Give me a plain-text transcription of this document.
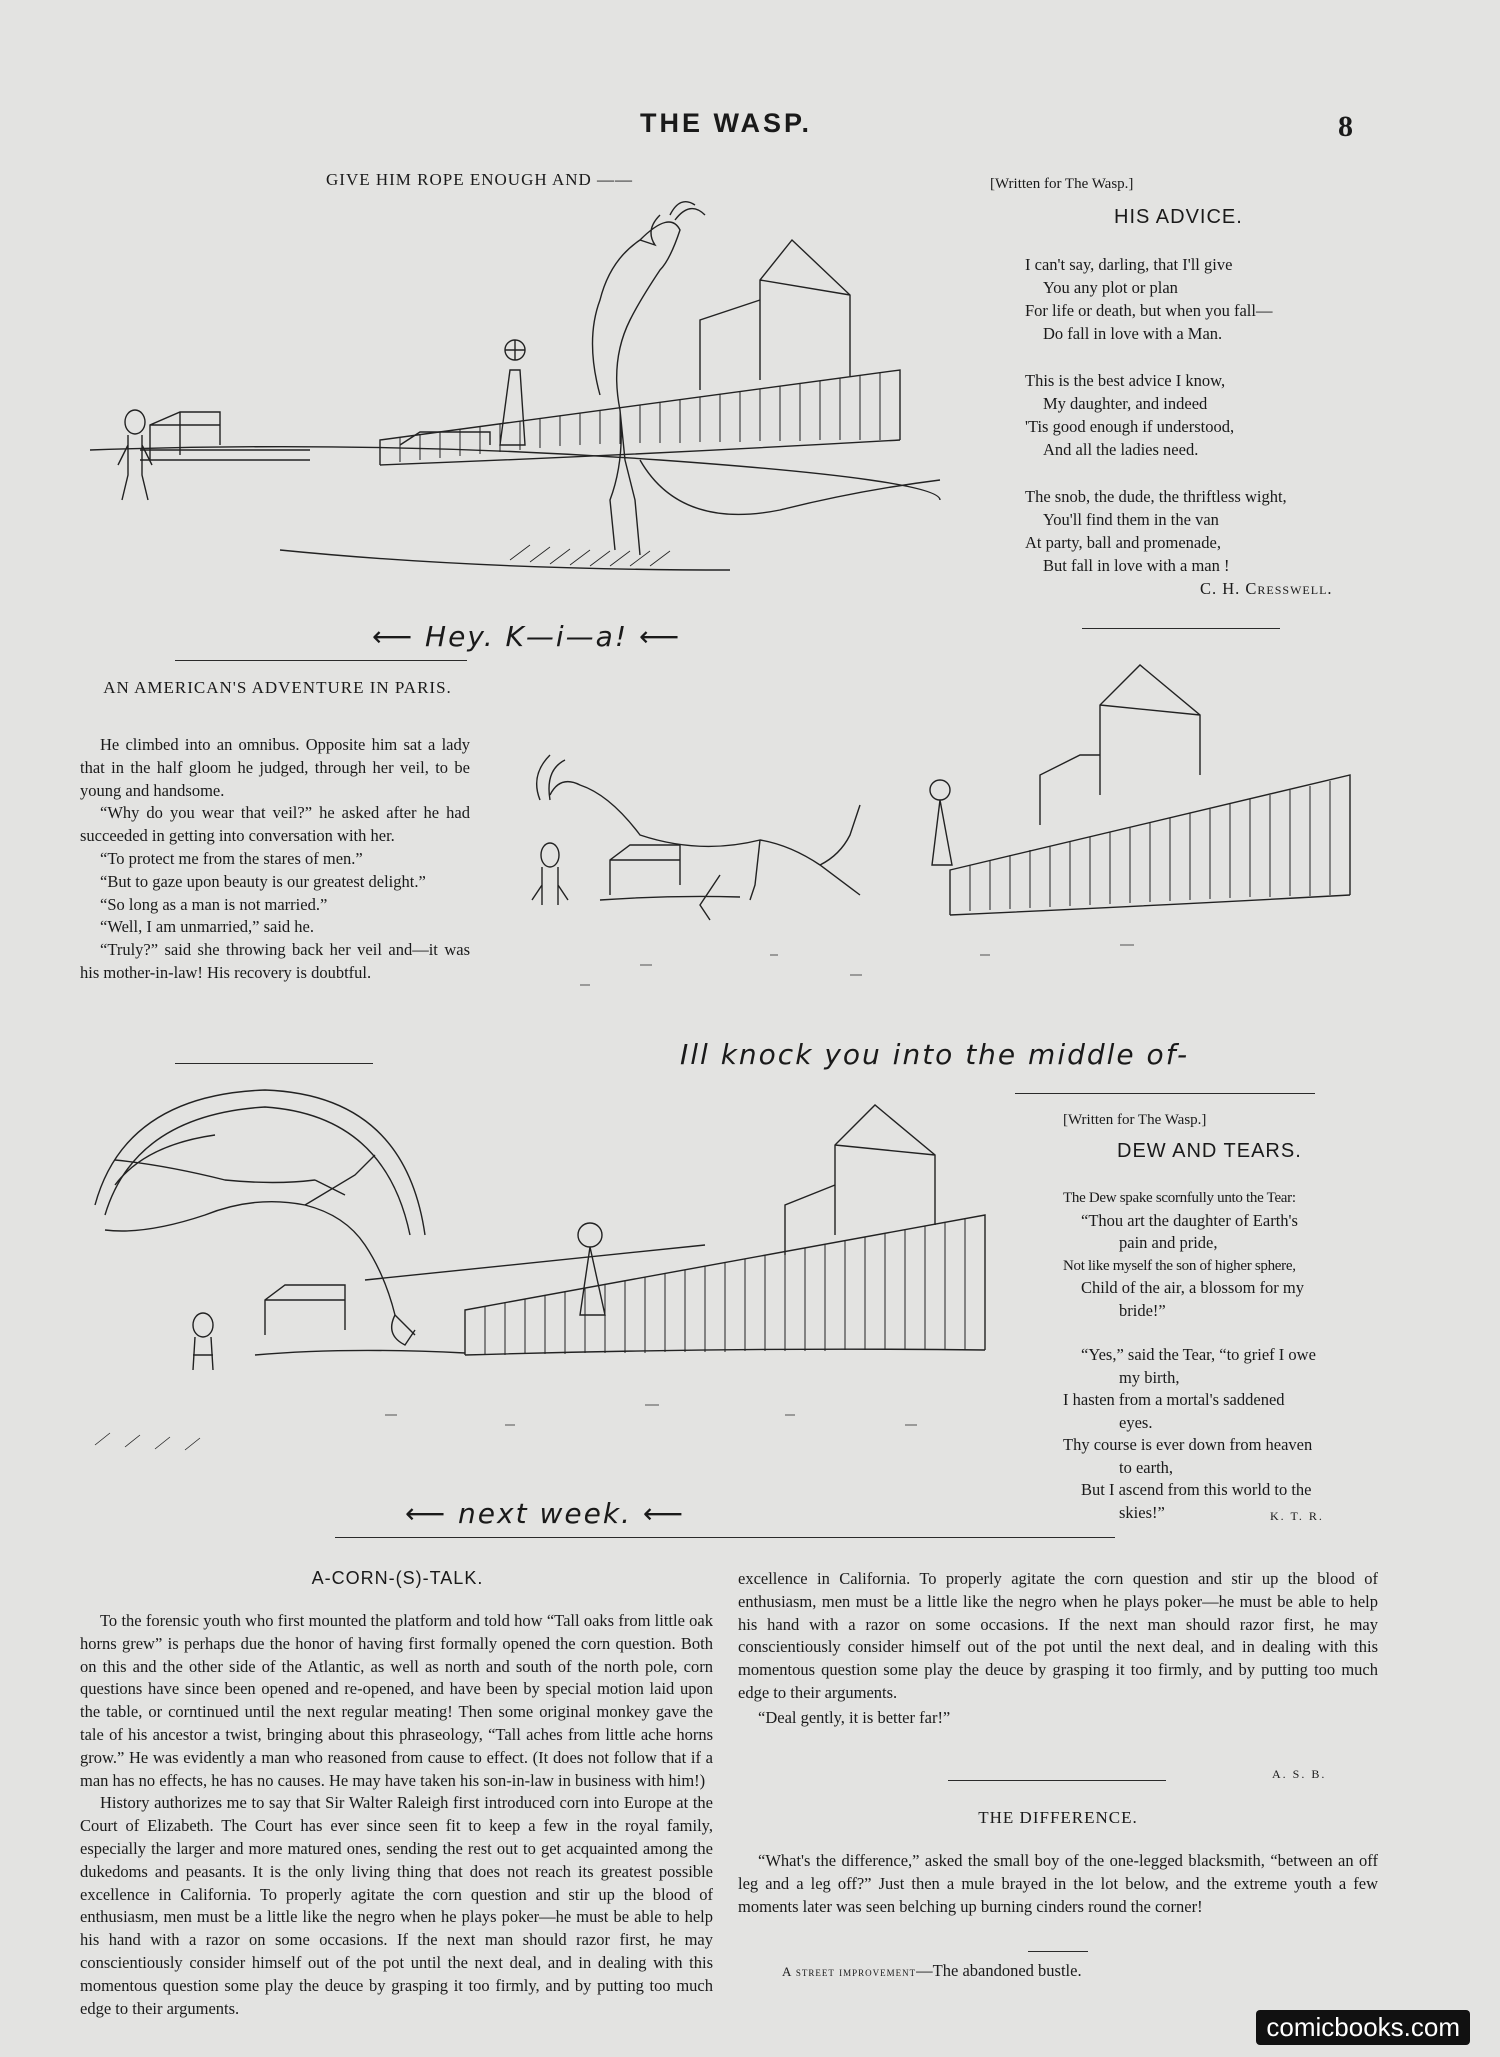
THE WASP.	8
GIVE HIM ROPE ENOUGH AND ——
⟵ Hey. K—i—a! ⟵
[Written for The Wasp.]
HIS ADVICE.
I can't say, darling, that I'll give
You any plot or plan
For life or death, but when you fall—
Do fall in love with a Man.
This is the best advice I know,
My daughter, and indeed
'Tis good enough if understood,
And all the ladies need.
The snob, the dude, the thriftless wight,
You'll find them in the van
At party, ball and promenade,
But fall in love with a man !
C. H. Cresswell.
AN AMERICAN'S ADVENTURE IN PARIS.

He climbed into an omnibus. Opposite him sat a lady that in the half gloom he judged, through her veil, to be young and handsome.

“Why do you wear that veil?” he asked after he had succeeded in getting into conversation with her.

“To protect me from the stares of men.”

“But to gaze upon beauty is our greatest delight.”

“So long as a man is not married.”

“Well, I am unmarried,” said he.

“Truly?” said she throwing back her veil and—it was his mother-in-law! His recovery is doubtful.

Ill knock you into the middle of-
[Written for The Wasp.]
DEW AND TEARS.
The Dew spake scornfully unto the Tear:
“Thou art the daughter of Earth's
pain and pride,
Not like myself the son of higher sphere,
Child of the air, a blossom for my
bride!”
“Yes,” said the Tear, “to grief I owe
my birth,
I hasten from a mortal's saddened
eyes.
Thy course is ever down from heaven
to earth,
But I ascend from this world to the
skies!”	K. T. R.
⟵ next week. ⟵
A-CORN-(S)-TALK.

To the forensic youth who first mounted the platform and told how “Tall oaks from little oak horns grew” is perhaps due the honor of having first formally opened the corn question. Both on this and the other side of the Atlantic, as well as north and south of the north pole, corn questions have since been opened and re-opened, and have been by special motion laid upon the table, or corntinued until the next regular meating! Then some original monkey gave the tale of his ancestor a twist, bringing about this phraseology, “Tall aches from little ache horns grow.” He was evidently a man who reasoned from cause to effect. (It does not follow that if a man has no effects, he has no causes. He may have taken his son-in-law in business with him!)

History authorizes me to say that Sir Walter Raleigh first introduced corn into Europe at the Court of Elizabeth. The Court has ever since seen fit to keep a few in the royal family, especially the larger and more matured ones, sending the rest out to get acquainted among the dukedoms and peasants. It is the only living thing that does not reach its greatest possible excellence in California. To properly agitate the corn question and stir up the blood of enthusiasm, men must be a little like the negro when he plays poker—he must be able to help his hand with a razor on some occasions. If the next man should razor first, he may conscientiously consider himself out of the pot until the next deal, and in dealing with this momentous question some play the deuce by grasping it too firmly, and by putting too much edge to their arguments.

excellence in California. To properly agitate the corn question and stir up the blood of enthusiasm, men must be a little like the negro when he plays poker—he must be able to help his hand with a razor on some occasions. If the next man should razor first, he may conscientiously consider himself out of the pot until the next deal, and in dealing with this momentous question some play the deuce by grasping it too firmly, and by putting too much edge to their arguments.

“Deal gently, it is better far!”

A. S. B.
THE DIFFERENCE.

“What's the difference,” asked the small boy of the one-legged blacksmith, “between an off leg and a leg off?” Just then a mule brayed in the lot below, and the extreme youth a few moments later was seen belching up burning cinders round the corner!

A street improvement—The abandoned bustle.
comicbooks.com
